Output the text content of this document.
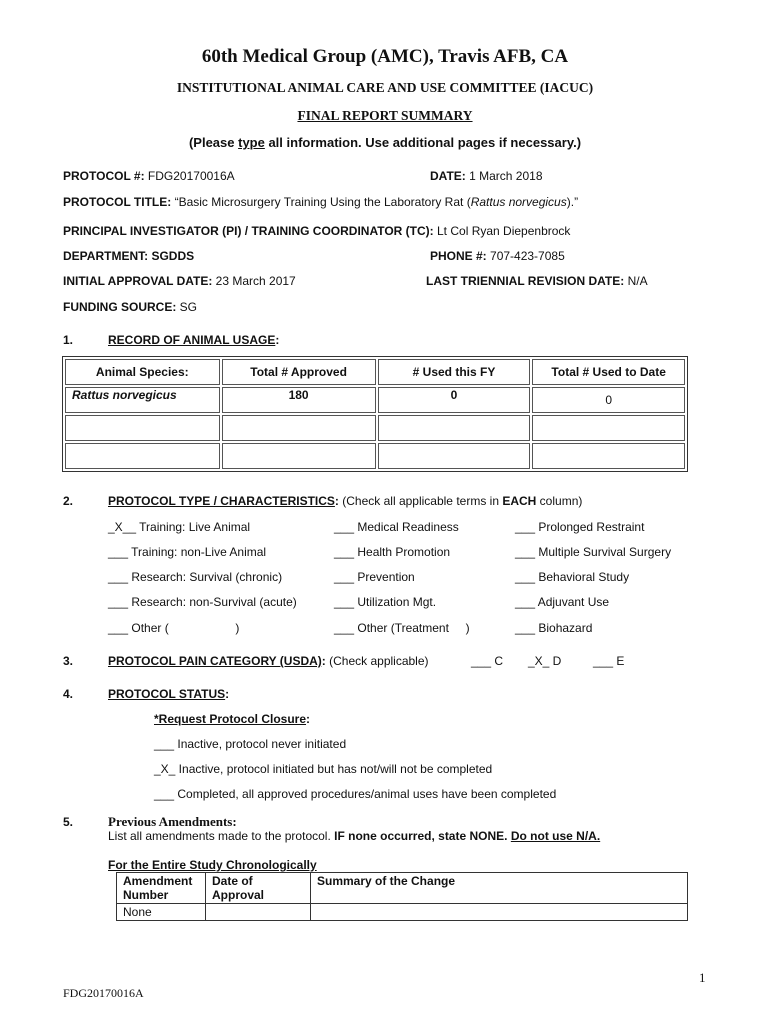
60th Medical Group (AMC), Travis AFB, CA
INSTITUTIONAL ANIMAL CARE AND USE COMMITTEE (IACUC)
FINAL REPORT SUMMARY
(Please type all information. Use additional pages if necessary.)
PROTOCOL #: FDG20170016A	DATE: 1 March 2018
PROTOCOL TITLE: “Basic Microsurgery Training Using the Laboratory Rat (Rattus norvegicus).”
PRINCIPAL INVESTIGATOR (PI) / TRAINING COORDINATOR (TC): Lt Col Ryan Diepenbrock
DEPARTMENT: SGDDS	PHONE #: 707-423-7085
INITIAL APPROVAL DATE: 23 March 2017	LAST TRIENNIAL REVISION DATE: N/A
FUNDING SOURCE: SG
1.	RECORD OF ANIMAL USAGE:
Animal Species:	Total # Approved	# Used this FY	Total # Used to Date
Rattus norvegicus	180	0	0

2.	PROTOCOL TYPE / CHARACTERISTICS: (Check all applicable terms in EACH column)
_X__ Training: Live Animal
___ Training: non-Live Animal
___ Research: Survival (chronic)
___ Research: non-Survival (acute)
___ Other (                    )
___ Medical Readiness
___ Health Promotion
___ Prevention
___ Utilization Mgt.
___ Other (Treatment     )
___ Prolonged Restraint
___ Multiple Survival Surgery
___ Behavioral Study
___ Adjuvant Use
___ Biohazard
3.	PROTOCOL PAIN CATEGORY (USDA): (Check applicable)	___ C _X_ D	___ E
4.	PROTOCOL STATUS:
*Request Protocol Closure:
___ Inactive, protocol never initiated
_X_ Inactive, protocol initiated but has not/will not be completed
___ Completed, all approved procedures/animal uses have been completed
5.	Previous Amendments:
List all amendments made to the protocol. IF none occurred, state NONE. Do not use N/A.
For the Entire Study Chronologically
Amendment Number	Date of Approval	Summary of the Change
None		
1
FDG20170016A
